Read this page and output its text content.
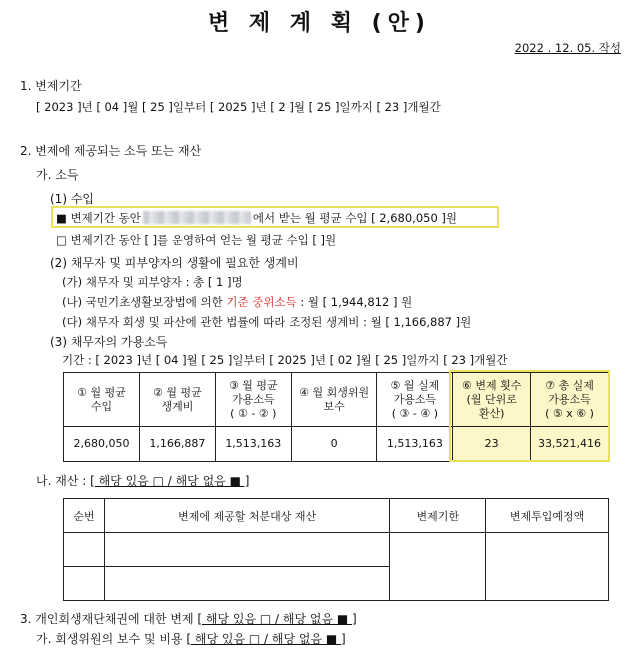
변 제 계 획 (안)
2022 . 12. 05. 작성
1. 변제기간
[ 2023 ]년 [ 04 ]월 [ 25 ]일부터 [ 2025 ]년 [ 2 ]월 [ 25 ]일까지 [ 23 ]개월간
2. 변제에 제공되는 소득 또는 재산
가. 소득
(1) 수입
■ 변제기간 동안	에서 받는 월 평균 수입 [ 2,680,050 ]원
□ 변제기간 동안 [ ]를 운영하여 얻는 월 평균 수입 [ ]원
(2) 채무자 및 피부양자의 생활에 필요한 생계비
(가) 채무자 및 피부양자 : 총 [ 1 ]명
(나) 국민기초생활보장법에 의한 기준 중위소득 : 월 [ 1,944,812 ] 원
(다) 채무자 회생 및 파산에 관한 법률에 따라 조정된 생계비 : 월 [ 1,166,887 ]원
(3) 채무자의 가용소득
기간 : [ 2023 ]년 [ 04 ]월 [ 25 ]일부터 [ 2025 ]년 [ 02 ]월 [ 25 ]일까지 [ 23 ]개월간
① 월 평균
수입	② 월 평균
생계비	③ 월 평균
가용소득
( ① - ② )	④ 월 회생위원
보수	⑤ 월 실제
가용소득
( ③ - ④ )	⑥ 변제 횟수
(월 단위로
환산)	⑦ 총 실제
가용소득
( ⑤ x ⑥ )
2,680,050	1,166,887	1,513,163	0	1,513,163	23	33,521,416
나. 재산 : [ 해당 있음 □ / 해당 없음 ■ ]
순번	변제에 제공할 처분대상 재산	변제기한	변제투입예정액

3. 개인회생재단채권에 대한 변제 [ 해당 있음 □ / 해당 없음 ■ ]
가. 회생위원의 보수 및 비용 [ 해당 있음 □ / 해당 없음 ■ ]
